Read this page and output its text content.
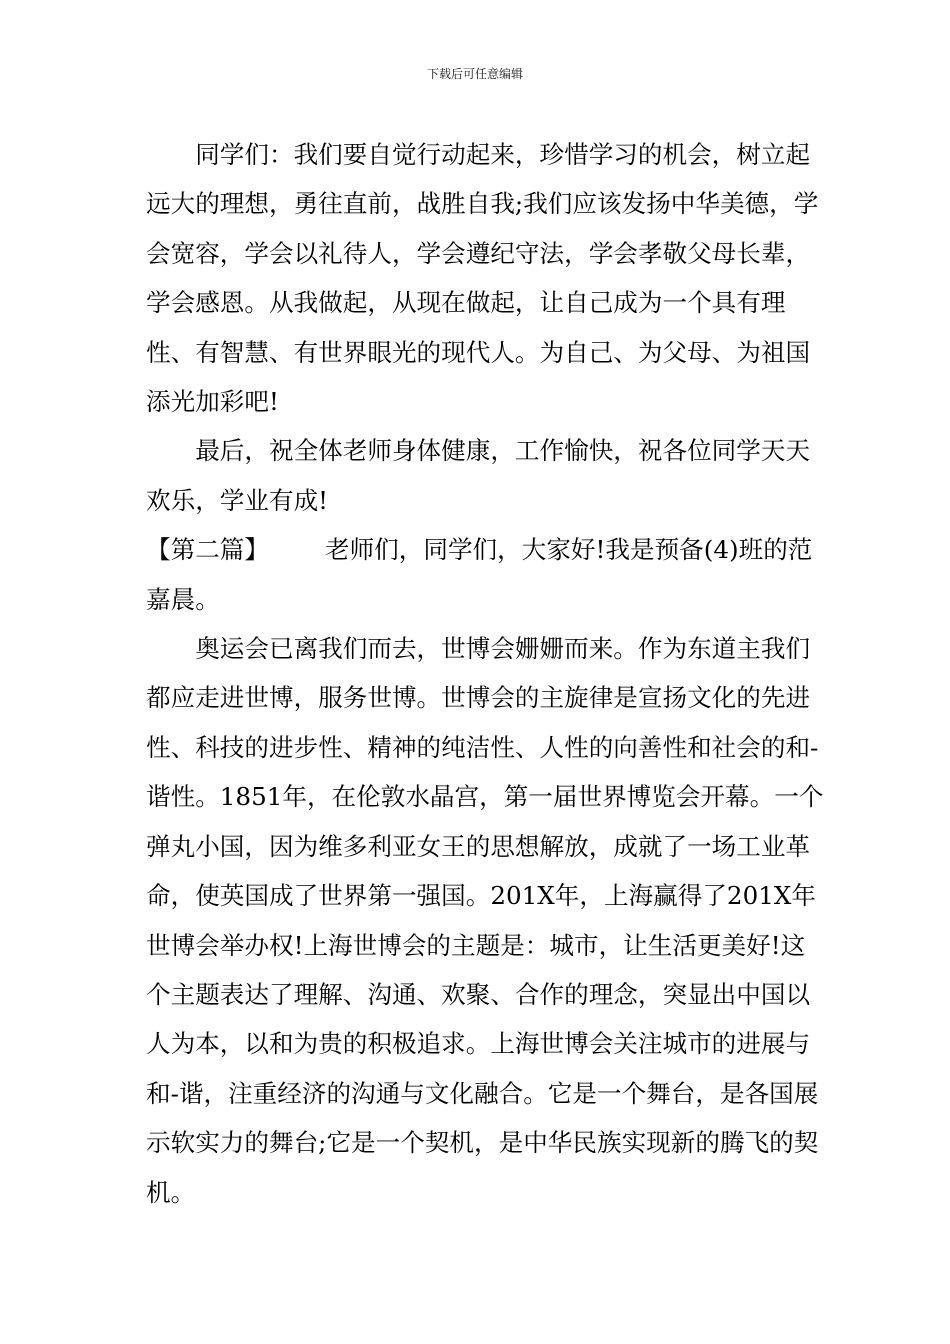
下载后可任意编辑

同学们：我们要自觉行动起来，珍惜学习的机会，树立起远大的理想，勇往直前，战胜自我;我们应该发扬中华美德，学会宽容，学会以礼待人，学会遵纪守法，学会孝敬父母长辈，学会感恩。从我做起，从现在做起，让自己成为一个具有理性、有智慧、有世界眼光的现代人。为自己、为父母、为祖国添光加彩吧!

最后，祝全体老师身体健康，工作愉快，祝各位同学天天欢乐，学业有成!

【第二篇】 老师们，同学们，大家好!我是预备(4)班的范嘉晨。

奥运会已离我们而去，世博会姗姗而来。作为东道主我们都应走进世博，服务世博。世博会的主旋律是宣扬文化的先进性、科技的进步性、精神的纯洁性、人性的向善性和社会的和-谐性。1851年，在伦敦水晶宫，第一届世界博览会开幕。一个弹丸小国，因为维多利亚女王的思想解放，成就了一场工业革命，使英国成了世界第一强国。201X年，上海赢得了201X年世博会举办权!上海世博会的主题是：城市，让生活更美好!这个主题表达了理解、沟通、欢聚、合作的理念，突显出中国以人为本，以和为贵的积极追求。上海世博会关注城市的进展与和-谐，注重经济的沟通与文化融合。它是一个舞台，是各国展示软实力的舞台;它是一个契机，是中华民族实现新的腾飞的契机。
